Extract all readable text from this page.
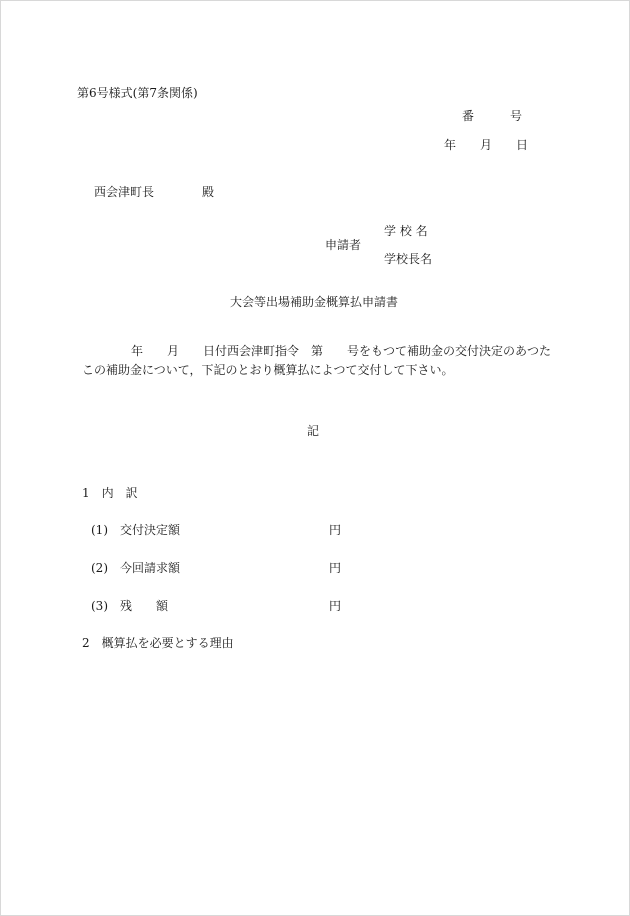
第6号様式(第7条関係)
番　　　号
年　　月　　日
西会津町長　　　　殿
学 校 名
申請者
学校長名
大会等出場補助金概算払申請書
年　　月　　日付西会津町指令　第　　号をもつて補助金の交付決定のあつた
この補助金について，下記のとおり概算払によつて交付して下さい。
記
1　内　訳
(1)　交付決定額	円
(2)　今回請求額	円
(3)　残　　額	円
2　概算払を必要とする理由
